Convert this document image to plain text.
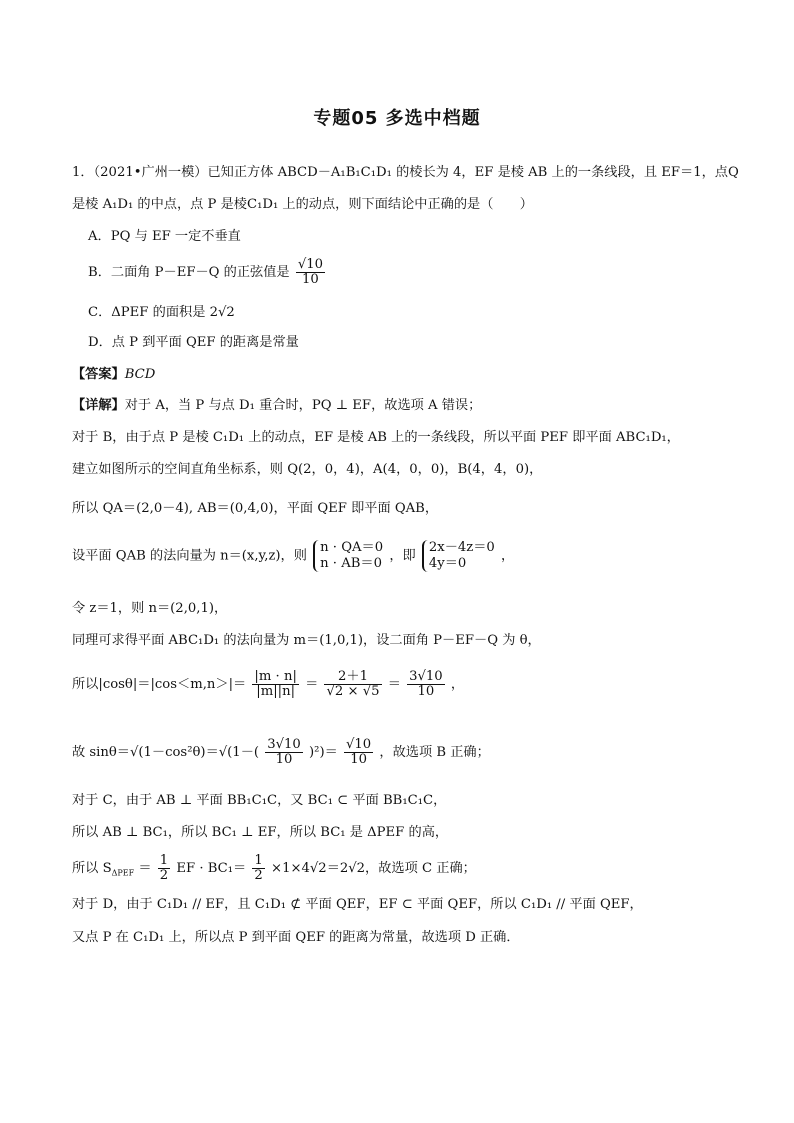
专题05 多选中档题
1．（2021•广州一模）已知正方体 ABCD－A₁B₁C₁D₁ 的棱长为 4，EF 是棱 AB 上的一条线段，且 EF＝1，点Q
是棱 A₁D₁ 的中点，点 P 是棱C₁D₁ 上的动点，则下面结论中正确的是（　　）
A．PQ 与 EF 一定不垂直
B．二面角 P－EF－Q 的正弦值是 $\frac{√10}{10}$
C．ΔPEF 的面积是 2√2
D．点 P 到平面 QEF 的距离是常量
【答案】BCD
【详解】对于 A，当 P 与点 D₁ 重合时，PQ ⊥ EF，故选项 A 错误；
对于 B，由于点 P 是棱 C₁D₁ 上的动点，EF 是棱 AB 上的一条线段，所以平面 PEF 即平面 ABC₁D₁，
建立如图所示的空间直角坐标系，则 Q(2，0，4)，A(4，0，0)，B(4，4，0)，
所以 QA＝(2,0－4), AB＝(0,4,0)，平面 QEF 即平面 QAB，
设平面 QAB 的法向量为 n＝(x,y,z)，则
n · QA＝0
n · AB＝0 ，即
2x－4z＝0
4y＝0	，
令 z＝1，则 n＝(2,0,1)，
同理可求得平面 ABC₁D₁ 的法向量为 m＝(1,0,1)，设二面角 P－EF－Q 为 θ，
所以$|\cos\theta|=|\cos<m,n>|= \frac{|m \cdot n|}{|m||n|} = \frac{2+1}{√2 \times √5} = \frac{3√10}{10}$ ，
故 $\sin\theta=√(1-\cos^2\theta)=√(1-( \frac{3√10}{10} )^2)= \frac{√10}{10}$ ，故选项 B 正确；
对于 C，由于 AB ⊥ 平面 BB₁C₁C，又 BC₁ ⊂ 平面 BB₁C₁C，
所以 AB ⊥ BC₁，所以 BC₁ ⊥ EF，所以 BC₁ 是 ΔPEF 的高，
所以 $S_{\Delta PEF} = \frac{1}{2}$ EF · $BC_1= \frac{1}{2} \times 1\times 4√2=2√2$，故选项 C 正确；
对于 D，由于 C₁D₁ // EF，且 C₁D₁ ⊄ 平面 QEF，EF ⊂ 平面 QEF，所以 C₁D₁ // 平面 QEF，
又点 P 在 C₁D₁ 上，所以点 P 到平面 QEF 的距离为常量，故选项 D 正确．
